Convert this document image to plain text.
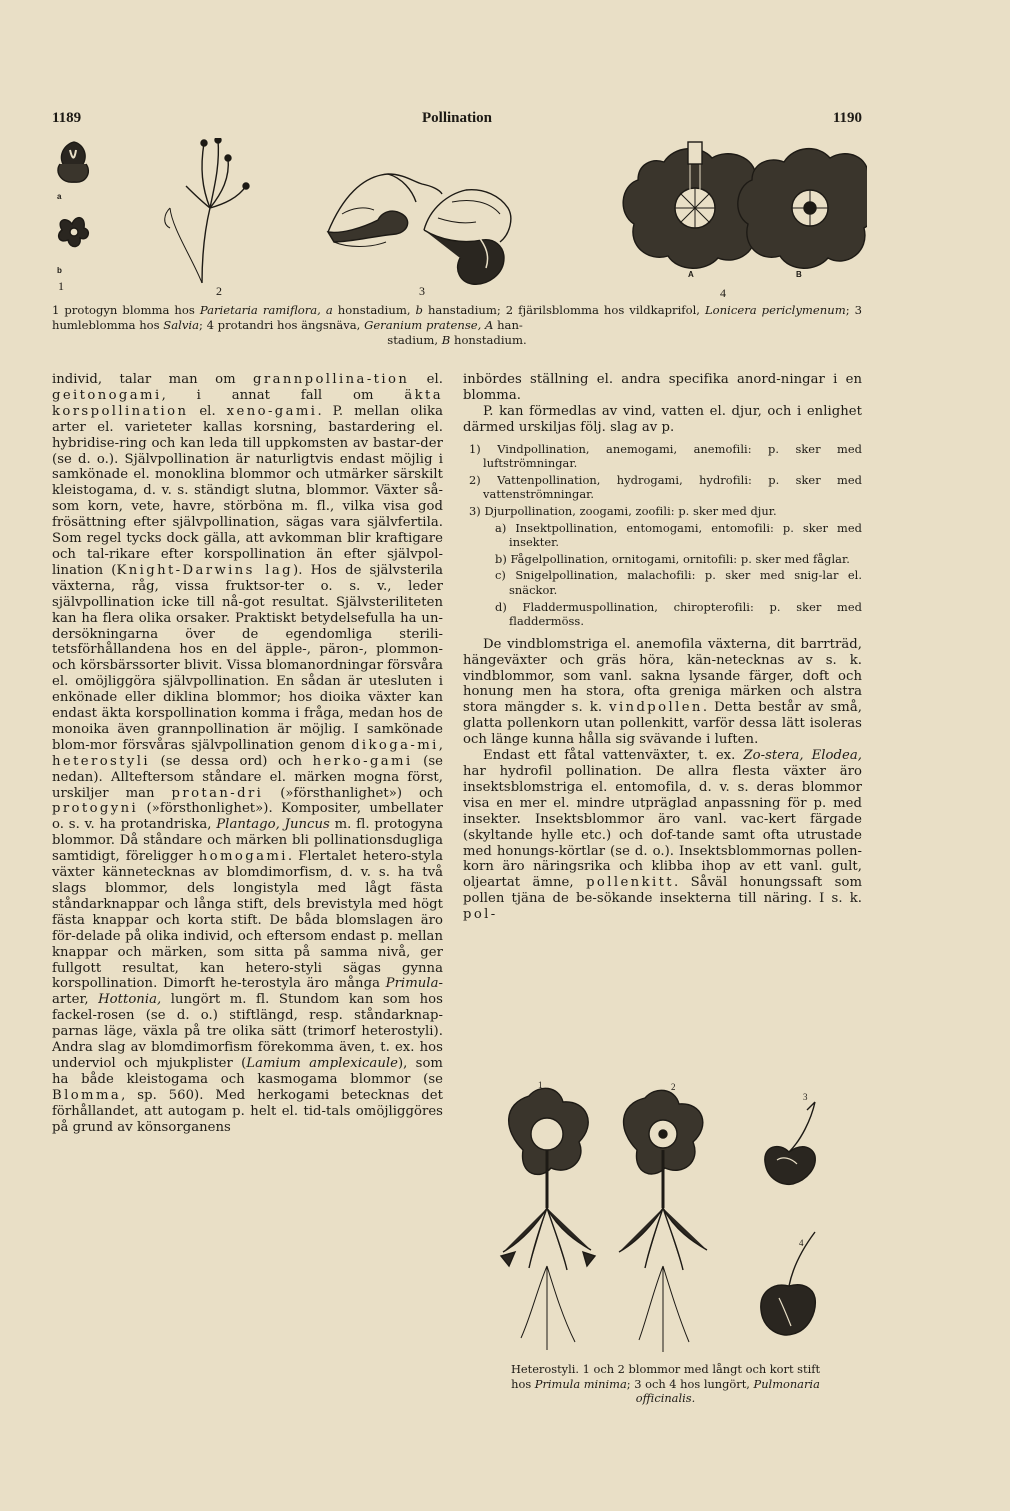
1189	Pollination	1190
1
a
b
2	3
A
4
B
1 protogyn blomma hos Parietaria ramiflora, a honstadium, b hanstadium; 2 fjärilsblomma hos vildkaprifol, Lonicera periclymenum; 3 humleblomma hos Salvia; 4 protandri hos ängsnäva, Geranium pratense, A han-
stadium, B honstadium.

individ, talar man om grannpollina-tion el. geitonogami, i annat fall om äkta korspollination el. xeno-gami. P. mellan olika arter el. varieteter kallas korsning, bastardering el. hybridise-ring och kan leda till uppkomsten av bastar-der (se d. o.). Självpollination är naturligtvis endast möjlig i samkönade el. monoklina blommor och utmärker särskilt kleistogama, d. v. s. ständigt slutna, blommor. Växter så-som korn, vete, havre, störböna m. fl., vilka visa god frösättning efter självpollination, sägas vara självfertila. Som regel tycks dock gälla, att avkomman blir kraftigare och tal-rikare efter korspollination än efter självpol-lination (Knight-Darwins lag). Hos de självsterila växterna, råg, vissa fruktsor-ter o. s. v., leder självpollination icke till nå-got resultat. Självsteriliteten kan ha flera olika orsaker. Praktiskt betydelsefulla ha un-dersökningarna över de egendomliga sterili-tetsförhållandena hos en del äpple-, päron-, plommon- och körsbärssorter blivit. Vissa blomanordningar försvåra el. omöjliggöra självpollination. En sådan är utesluten i enkönade eller diklina blommor; hos dioika växter kan endast äkta korspollination komma i fråga, medan hos de monoika även grannpollination är möjlig. I samkönade blom-mor försvåras självpollination genom dikoga-mi, heterostyli (se dessa ord) och herko-gami (se nedan). Allteftersom ståndare el. märken mogna först, urskiljer man protan-dri (»försthanlighet») och protogyni (»försthonlighet»). Kompositer, umbellater o. s. v. ha protandriska, Plantago, Juncus m. fl. protogyna blommor. Då ståndare och märken bli pollinationsdugliga samtidigt, föreligger homogami. Flertalet hetero-styla växter kännetecknas av blomdimorfism, d. v. s. ha två slags blommor, dels longistyla med lågt fästa ståndarknappar och långa stift, dels brevistyla med högt fästa knappar och korta stift. De båda blomslagen äro för-delade på olika individ, och eftersom endast p. mellan knappar och märken, som sitta på samma nivå, ger fullgott resultat, kan hetero-styli sägas gynna korspollination. Dimorft he-terostyla äro många Primula-arter, Hottonia, lungört m. fl. Stundom kan som hos fackel-rosen (se d. o.) stiftlängd, resp. ståndarknap-parnas läge, växla på tre olika sätt (trimorf heterostyli). Andra slag av blomdimorfism förekomma även, t. ex. hos underviol och mjukplister (Lamium amplexicaule), som ha både kleistogama och kasmogama blommor (se Blomma, sp. 560). Med herkogami betecknas det förhållandet, att autogam p. helt el. tid-tals omöjliggöres på grund av könsorganens

inbördes ställning el. andra specifika anord-ningar i en blomma.

P. kan förmedlas av vind, vatten el. djur, och i enlighet därmed urskiljas följ. slag av p.

1) Vindpollination, anemogami, anemofili: p. sker med luftströmningar.
2) Vattenpollination, hydrogami, hydrofili: p. sker med vattenströmningar.
3) Djurpollination, zoogami, zoofili: p. sker med djur.
a) Insektpollination, entomogami, entomofili: p. sker med insekter.
b) Fågelpollination, ornitogami, ornitofili: p. sker med fåglar.
c) Snigelpollination, malachofili: p. sker med snig-lar el. snäckor.
d) Fladdermuspollination, chiropterofili: p. sker med fladdermöss.

De vindblomstriga el. anemofila växterna, dit barrträd, hängeväxter och gräs höra, kän-netecknas av s. k. vindblommor, som vanl. sakna lysande färger, doft och honung men ha stora, ofta greniga märken och alstra stora mängder s. k. vindpollen. Detta består av små, glatta pollenkorn utan pollenkitt, varför dessa lätt isoleras och länge kunna hålla sig svävande i luften.

Endast ett fåtal vattenväxter, t. ex. Zo-stera, Elodea, har hydrofil pollination. De allra flesta växter äro insektsblomstriga el. entomofila, d. v. s. deras blommor visa en mer el. mindre utpräglad anpassning för p. med insekter. Insektsblommor äro vanl. vac-kert färgade (skyltande hylle etc.) och dof-tande samt ofta utrustade med honungs-körtlar (se d. o.). Insektsblommornas pollen-korn äro näringsrika och klibba ihop av ett vanl. gult, oljeartat ämne, pollenkitt. Såväl honungssaft som pollen tjäna de be-sökande insekterna till näring. I s. k. pol-

1	2
3
4
Heterostyli. 1 och 2 blommor med långt och kort stift
hos Primula minima; 3 och 4 hos lungört, Pulmonaria
officinalis.
